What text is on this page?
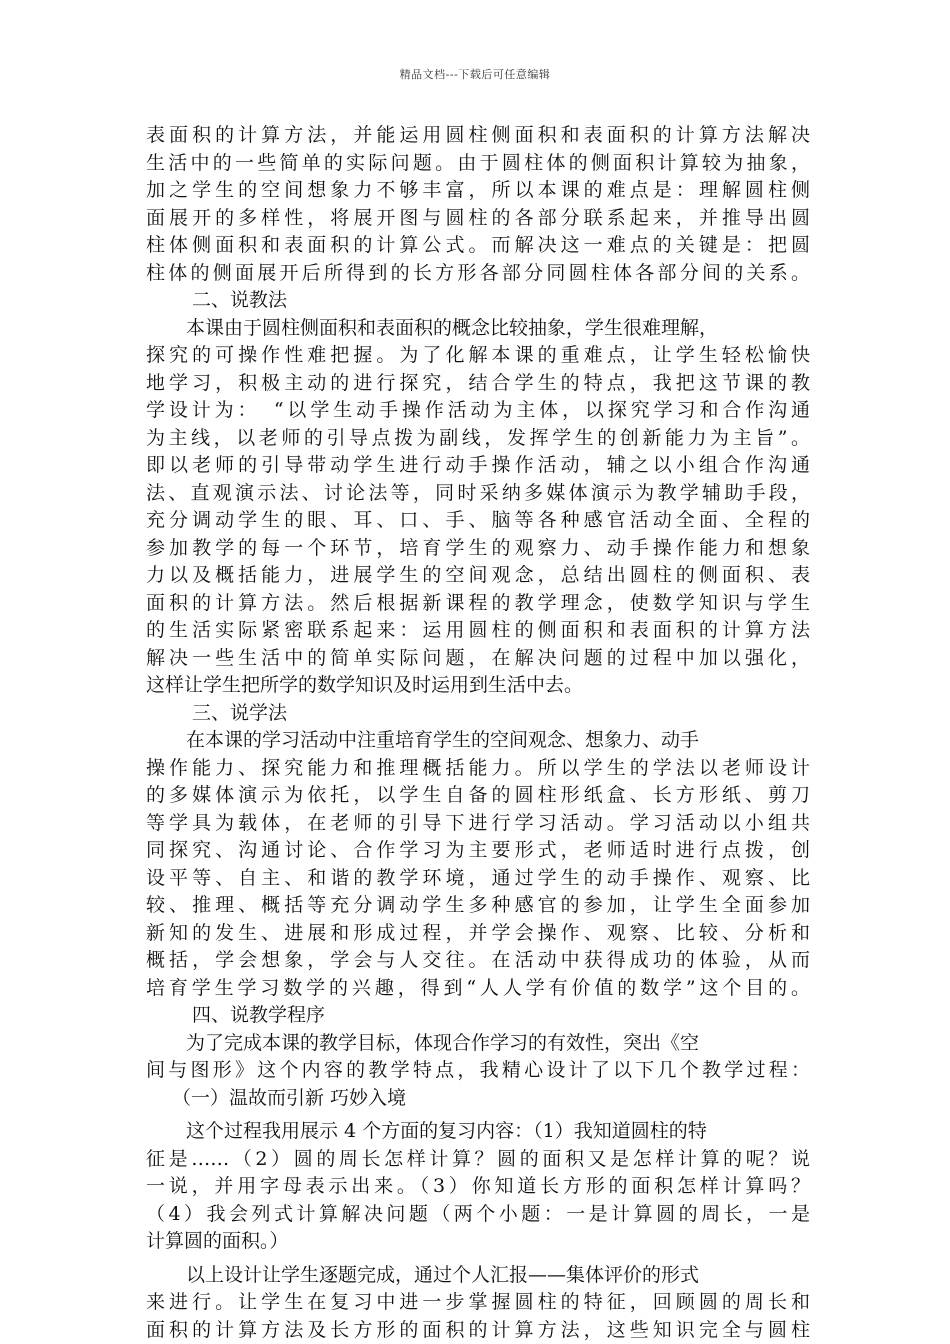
精品文档---下载后可任意编辑
表面积的计算方法，并能运用圆柱侧面积和表面积的计算方法解决
生活中的一些简单的实际问题。由于圆柱体的侧面积计算较为抽象，
加之学生的空间想象力不够丰富，所以本课的难点是：理解圆柱侧
面展开的多样性，将展开图与圆柱的各部分联系起来，并推导出圆
柱体侧面积和表面积的计算公式。而解决这一难点的关键是：把圆
柱体的侧面展开后所得到的长方形各部分同圆柱体各部分间的关系。
二、说教法
本课由于圆柱侧面积和表面积的概念比较抽象，学生很难理解，
探究的可操作性难把握。为了化解本课的重难点，让学生轻松愉快
地学习，积极主动的进行探究，结合学生的特点，我把这节课的教
学设计为：　“以学生动手操作活动为主体，以探究学习和合作沟通
为主线，以老师的引导点拨为副线，发挥学生的创新能力为主旨”。
即以老师的引导带动学生进行动手操作活动，辅之以小组合作沟通
法、直观演示法、讨论法等，同时采纳多媒体演示为教学辅助手段，
充分调动学生的眼、耳、口、手、脑等各种感官活动全面、全程的
参加教学的每一个环节，培育学生的观察力、动手操作能力和想象
力以及概括能力，进展学生的空间观念，总结出圆柱的侧面积、表
面积的计算方法。然后根据新课程的教学理念，使数学知识与学生
的生活实际紧密联系起来：运用圆柱的侧面积和表面积的计算方法
解决一些生活中的简单实际问题，在解决问题的过程中加以强化，
这样让学生把所学的数学知识及时运用到生活中去。
三、说学法
在本课的学习活动中注重培育学生的空间观念、想象力、动手
操作能力、探究能力和推理概括能力。所以学生的学法以老师设计
的多媒体演示为依托，以学生自备的圆柱形纸盒、长方形纸、剪刀
等学具为载体，在老师的引导下进行学习活动。学习活动以小组共
同探究、沟通讨论、合作学习为主要形式，老师适时进行点拨，创
设平等、自主、和谐的教学环境，通过学生的动手操作、观察、比
较、推理、概括等充分调动学生多种感官的参加，让学生全面参加
新知的发生、进展和形成过程，并学会操作、观察、比较、分析和
概括，学会想象，学会与人交往。在活动中获得成功的体验，从而
培育学生学习数学的兴趣，得到“人人学有价值的数学”这个目的。
四、说教学程序
为了完成本课的教学目标，体现合作学习的有效性，突出《空
间与图形》这个内容的教学特点，我精心设计了以下几个教学过程：
（一）温故而引新 巧妙入境
这个过程我用展示 4 个方面的复习内容：（1）我知道圆柱的特
征是……（2）圆的周长怎样计算？圆的面积又是怎样计算的呢？说
一说，并用字母表示出来。（3）你知道长方形的面积怎样计算吗？
（4）我会列式计算解决问题（两个小题：一是计算圆的周长，一是
计算圆的面积。）
以上设计让学生逐题完成，通过个人汇报——集体评价的形式
来进行。让学生在复习中进一步掌握圆柱的特征，回顾圆的周长和
面积的计算方法及长方形的面积的计算方法，这些知识完全与圆柱
